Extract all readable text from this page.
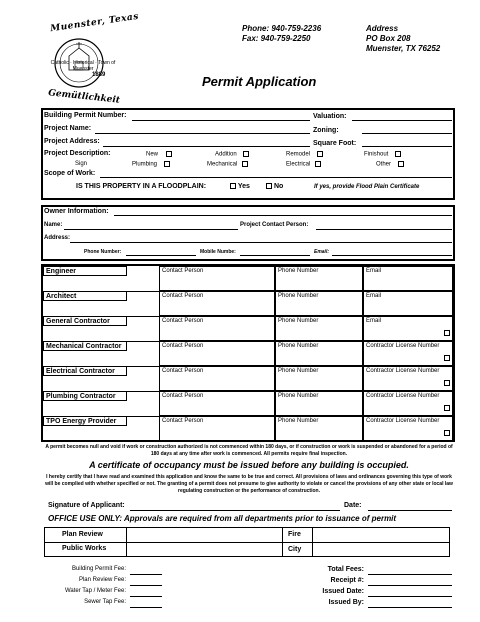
Muenster, Texas
Catholic · Historical · Town of Muenster
1889
Gemütlichkeit
Phone: 940-759-2236
Fax: 940-759-2250
Address
PO Box 208
Muenster, TX 76252
Permit Application
Building Permit Number:	Valuation:
Project Name:	Zoning:
Project Address:	Square Foot:
Project Description:	New	Addition	Remodel	Finishout
Sign	Plumbing	Mechanical	Electrical	Other
Scope of Work:
IS THIS PROPERTY IN A FLOODPLAIN:	Yes	No	If yes, provide Flood Plain Certificate
Owner Information:
Name:	Project Contact Person:
Address:
Phone Number:	Mobile Numbe:	Email:
Engineer	Contact Person	Phone Number	Email
Architect	Contact Person	Phone Number	Email
General Contractor	Contact Person	Phone Number	Email
Mechanical Contractor	Contact Person	Phone Number	Contractor License Number
Electrical Contractor	Contact Person	Phone Number	Contractor License Number
Plumbing Contractor	Contact Person	Phone Number	Contractor License Number
TPO Energy Provider	Contact Person	Phone Number	Contractor License Number
A permit becomes null and void if work or construction authorized is not commenced within 180 days, or if construction or work is suspended or abandoned for a period of 180 days at any time after work is commenced. All permits require final inspection.
A certificate of occupancy must be issued before any building is occupied.
I hereby certify that I have read and examined this application and know the same to be true and correct. All provisions of laws and ordinances governing this type of work will be complied with whether specified or not. The granting of a permit does not presume to give authority to violate or cancel the provisions of any other state or local law regulating construction or the performance of construction.
Signature of Applicant:	Date:
OFFICE USE ONLY: Approvals are required from all departments prior to issuance of permit
Plan Review	Fire
Public Works	City
Building Permit Fee:
Plan Review Fee:
Water Tap / Meter Fee:
Sewer Tap Fee:
Total Fees:
Receipt #:
Issued Date:
Issued By:
